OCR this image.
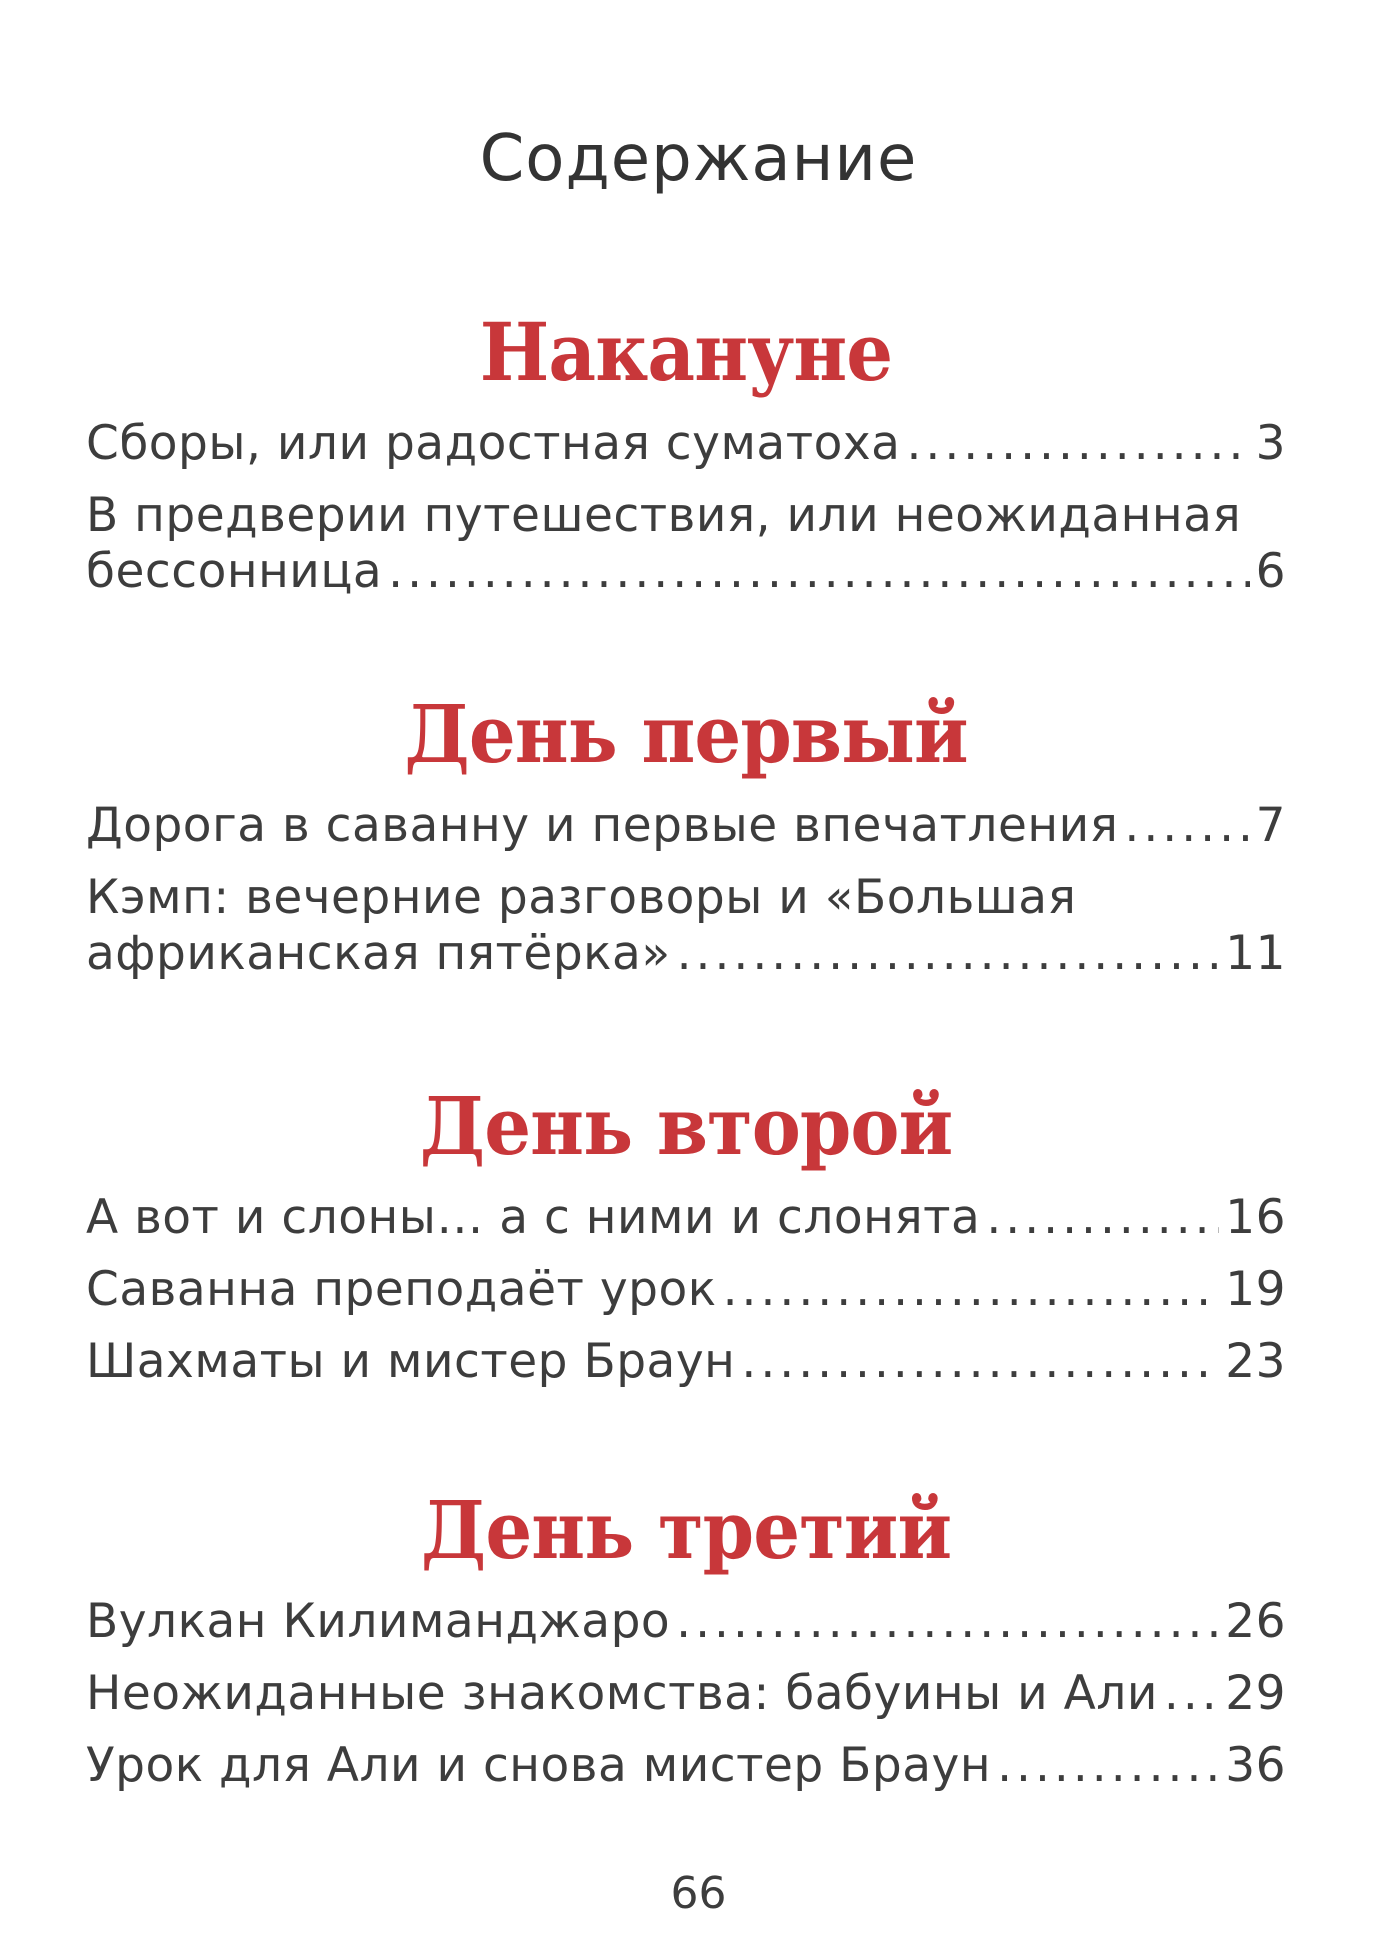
Содержание
Накануне
Сборы, или радостная суматоха .....	3
В предверии путешествия, или неожиданная
бессонница .....	6
День первый
Дорога в саванну и первые впечатления .....	7
Кэмп: вечерние разговоры и «Большая
африканская пятёрка» .....	11
День второй
А вот и слоны… а с ними и слонята .....	16
Саванна преподаёт урок .....	19
Шахматы и мистер Браун .....	23
День третий
Вулкан Килиманджаро .....	26
Неожиданные знакомства: бабуины и Али ..... 29
Урок для Али и снова мистер Браун .....	36
66
